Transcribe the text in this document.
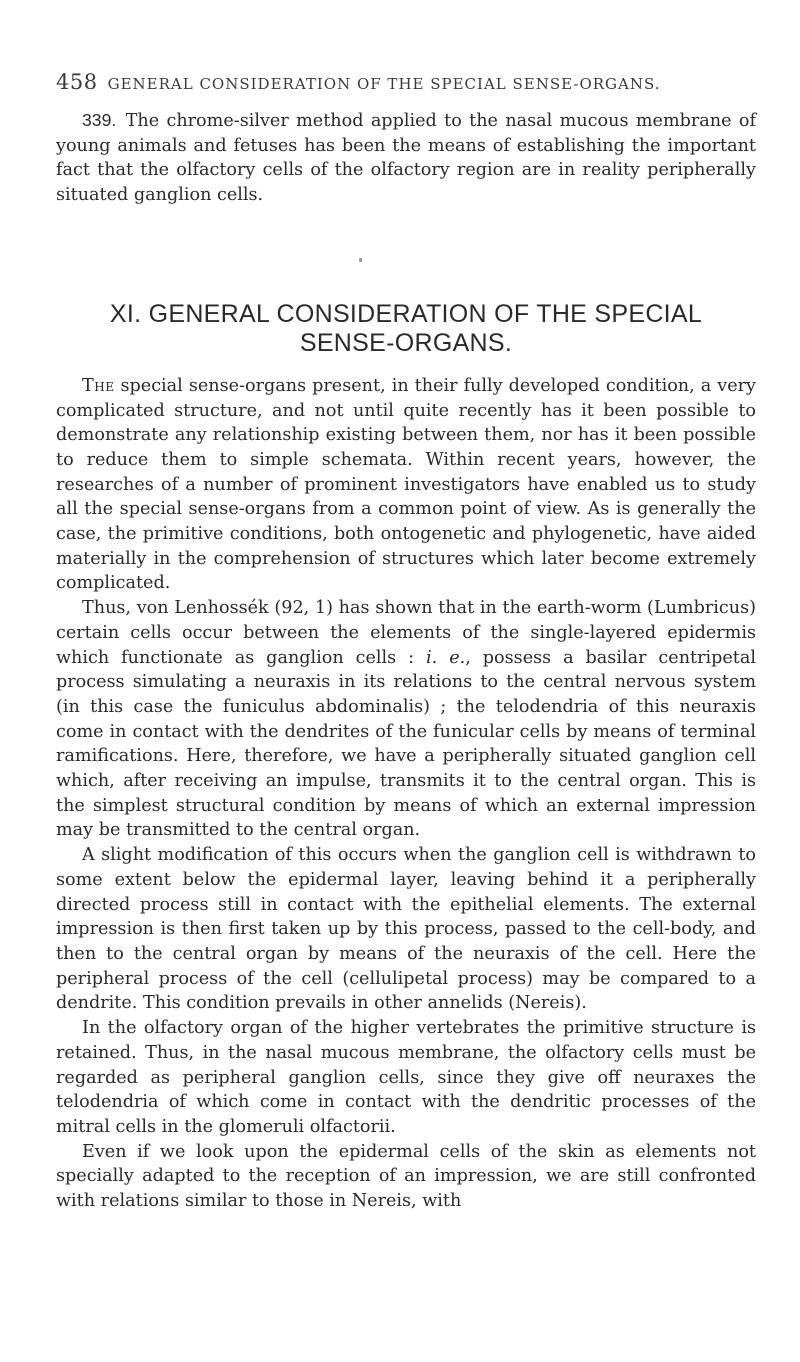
458 GENERAL CONSIDERATION OF THE SPECIAL SENSE-ORGANS.

339. The chrome-silver method applied to the nasal mucous membrane of young animals and fetuses has been the means of establishing the important fact that the olfactory cells of the olfactory region are in reality peripherally situated ganglion cells.

XI. GENERAL CONSIDERATION OF THE SPECIAL
SENSE-ORGANS.

The special sense-organs present, in their fully developed condition, a very complicated structure, and not until quite recently has it been possible to demonstrate any relationship existing between them, nor has it been possible to reduce them to simple schemata. Within recent years, however, the researches of a number of prominent investigators have enabled us to study all the special sense-organs from a common point of view. As is generally the case, the primitive conditions, both ontogenetic and phylogenetic, have aided materially in the comprehension of structures which later become extremely complicated.

Thus, von Lenhossék (92, 1) has shown that in the earth-worm (Lumbricus) certain cells occur between the elements of the single-layered epidermis which functionate as ganglion cells : i. e., possess a basilar centripetal process simulating a neuraxis in its relations to the central nervous system (in this case the funiculus abdominalis) ; the telodendria of this neuraxis come in contact with the dendrites of the funicular cells by means of terminal ramifications. Here, therefore, we have a peripherally situated ganglion cell which, after receiving an impulse, transmits it to the central organ. This is the simplest structural condition by means of which an external impression may be transmitted to the central organ.

A slight modification of this occurs when the ganglion cell is withdrawn to some extent below the epidermal layer, leaving behind it a peripherally directed process still in contact with the epithelial elements. The external impression is then first taken up by this process, passed to the cell-body, and then to the central organ by means of the neuraxis of the cell. Here the peripheral process of the cell (cellulipetal process) may be compared to a dendrite. This condition prevails in other annelids (Nereis).

In the olfactory organ of the higher vertebrates the primitive structure is retained. Thus, in the nasal mucous membrane, the olfactory cells must be regarded as peripheral ganglion cells, since they give off neuraxes the telodendria of which come in contact with the dendritic processes of the mitral cells in the glomeruli olfactorii.

Even if we look upon the epidermal cells of the skin as elements not specially adapted to the reception of an impression, we are still confronted with relations similar to those in Nereis, with
